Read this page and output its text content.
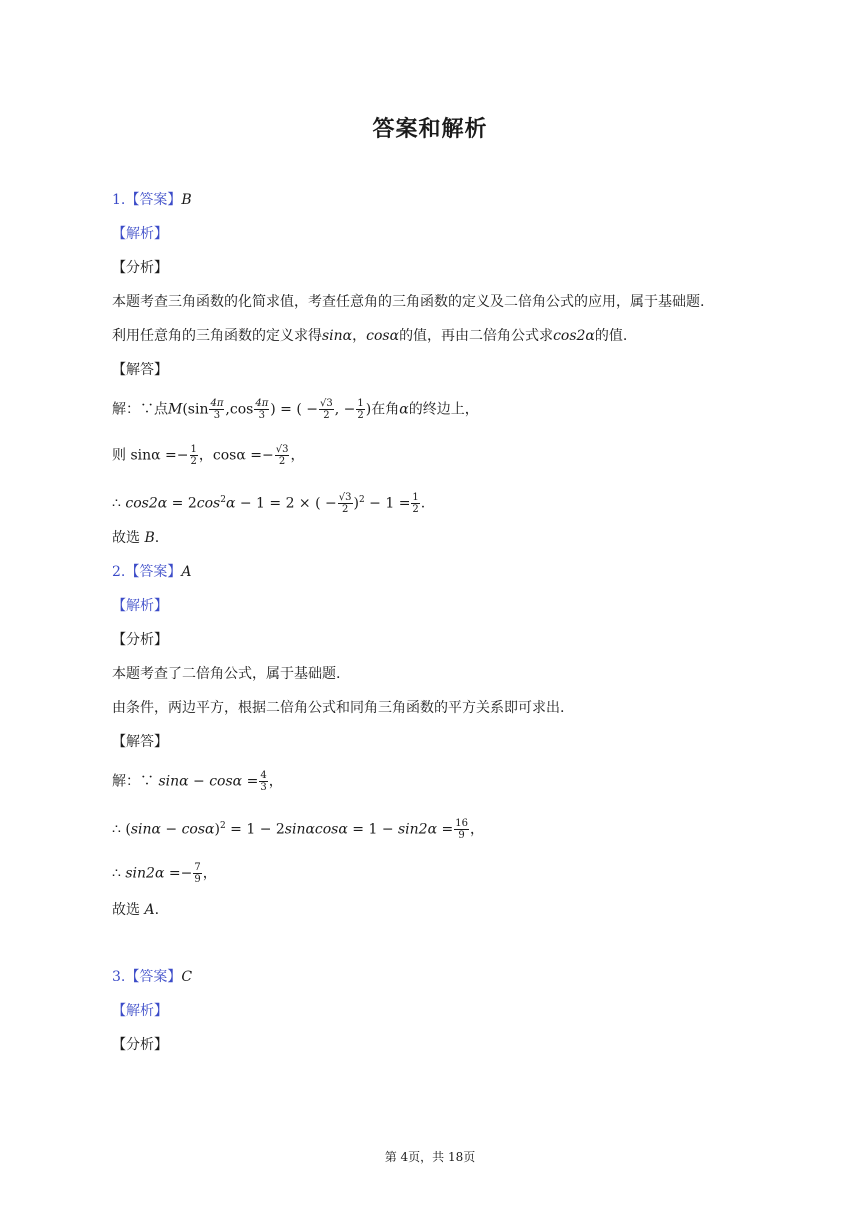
答案和解析
1.【答案】B
【解析】
【分析】
本题考查三角函数的化简求值，考查任意角的三角函数的定义及二倍角公式的应用，属于基础题.
利用任意角的三角函数的定义求得sinα，cosα的值，再由二倍角公式求cos2α的值.
【解答】
解：∵点$M(\sin \frac{4\pi}{3} ,\cos \frac{4\pi}{3}$ ) = ( − $\frac{√3}{2}$ , − $\frac{1}{2}$ )在角α的终边上，
则 $\sin\alpha =- \frac{1}{2}$ ，$\cos\alpha =- \frac{√3}{2}$ ，
∴ $\cos 2\alpha = 2\cos^2\alpha - 1 = 2$ × ( − $\frac{√3}{2} )^2 - 1 = \frac{1}{2}$ .
故选 B.
2.【答案】A
【解析】
【分析】
本题考查了二倍角公式，属于基础题.
由条件，两边平方，根据二倍角公式和同角三角函数的平方关系即可求出.
【解答】
解：∵ $\sin\alpha - \cos\alpha = \frac{4}{3}$ ，
∴ $(\sin\alpha - \cos\alpha)^2 = 1 - 2\sin\alpha\cos\alpha = 1 - \sin 2\alpha = \frac{16}{9}$ ，
∴ $\sin 2\alpha =- \frac{7}{9}$ ，
故选 A.
3.【答案】C
【解析】
【分析】
第 4页，共 18页
